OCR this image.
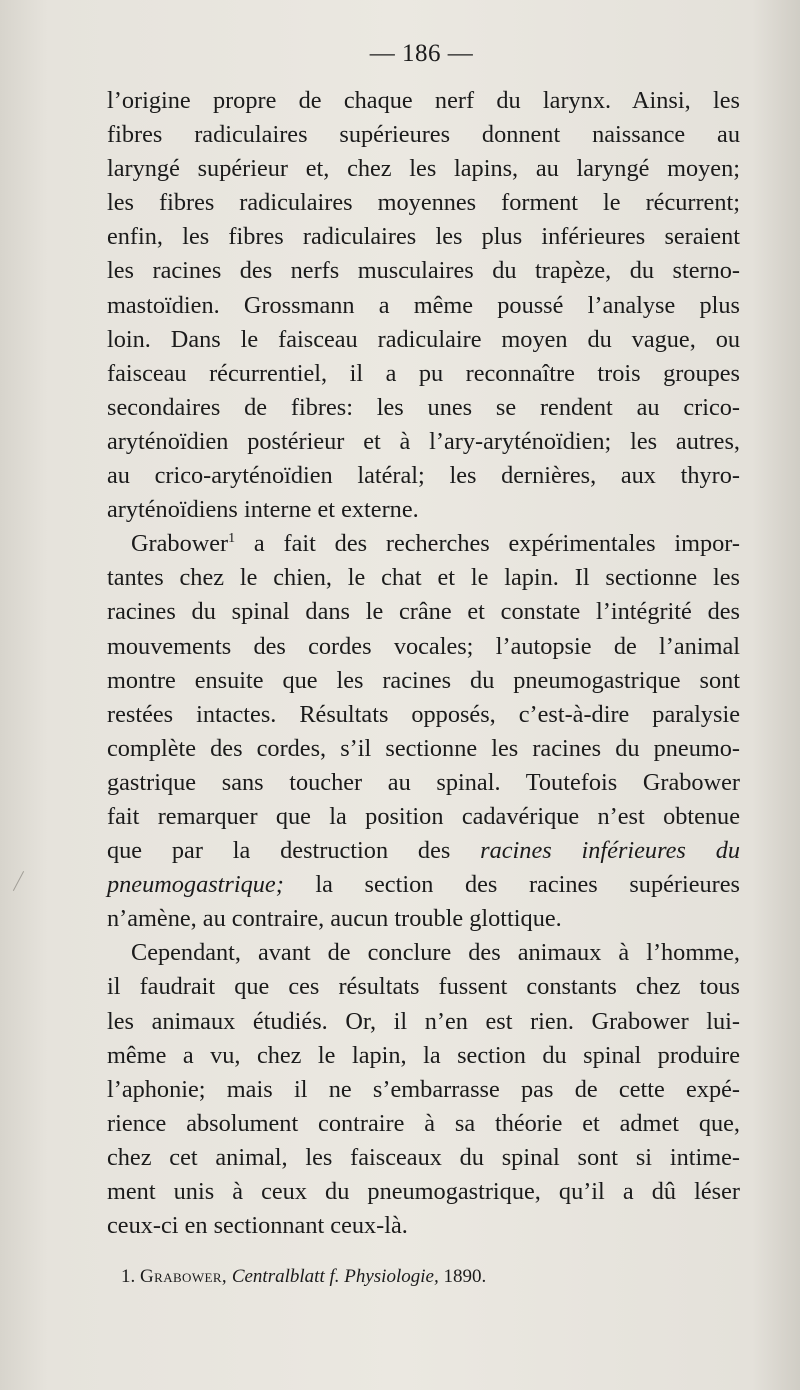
— 186 —

l’origine propre de chaque nerf du larynx. Ainsi, les
fibres radiculaires supérieures donnent naissance au
laryngé supérieur et, chez les lapins, au laryngé moyen;
les fibres radiculaires moyennes forment le récurrent;
enfin, les fibres radiculaires les plus inférieures seraient
les racines des nerfs musculaires du trapèze, du sterno-
mastoïdien. Grossmann a même poussé l’analyse plus
loin. Dans le faisceau radiculaire moyen du vague, ou
faisceau récurrentiel, il a pu reconnaître trois groupes
secondaires de fibres: les unes se rendent au crico-
aryténoïdien postérieur et à l’ary-aryténoïdien; les autres,
au crico-aryténoïdien latéral; les dernières, aux thyro-
aryténoïdiens interne et externe.

Grabower$^1$ a fait des recherches expérimentales impor-
tantes chez le chien, le chat et le lapin. Il sectionne les
racines du spinal dans le crâne et constate l’intégrité des
mouvements des cordes vocales; l’autopsie de l’animal
montre ensuite que les racines du pneumogastrique sont
restées intactes. Résultats opposés, c’est-à-dire paralysie
complète des cordes, s’il sectionne les racines du pneumo-
gastrique sans toucher au spinal. Toutefois Grabower
fait remarquer que la position cadavérique n’est obtenue
que par la destruction des racines inférieures du
pneumogastrique; la section des racines supérieures
n’amène, au contraire, aucun trouble glottique.

Cependant, avant de conclure des animaux à l’homme,
il faudrait que ces résultats fussent constants chez tous
les animaux étudiés. Or, il n’en est rien. Grabower lui-
même a vu, chez le lapin, la section du spinal produire
l’aphonie; mais il ne s’embarrasse pas de cette expé-
rience absolument contraire à sa théorie et admet que,
chez cet animal, les faisceaux du spinal sont si intime-
ment unis à ceux du pneumogastrique, qu’il a dû léser
ceux-ci en sectionnant ceux-là.

1. Grabower, Centralblatt f. Physiologie, 1890.
